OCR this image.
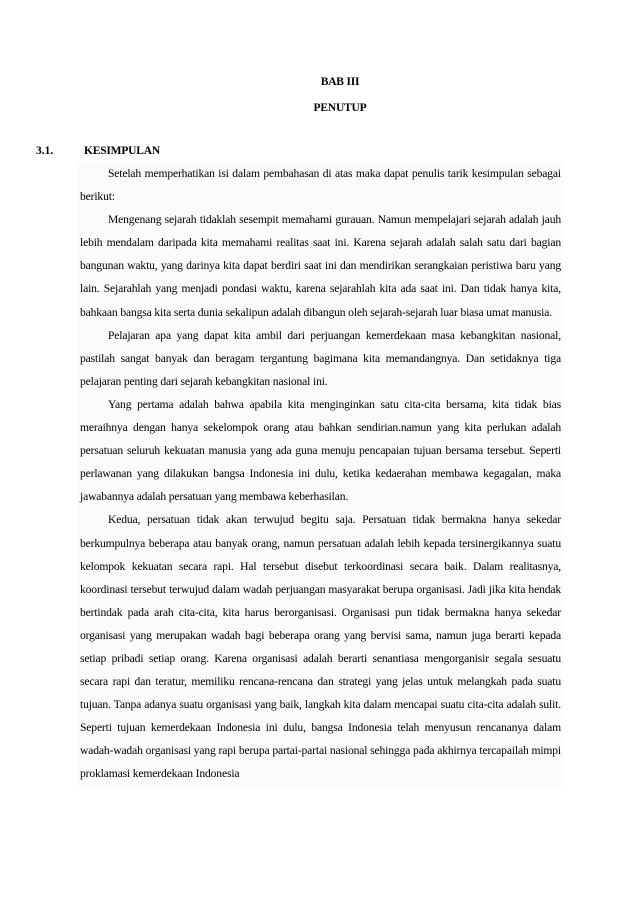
BAB III
PENUTUP
3.1.	KESIMPULAN

Setelah memperhatikan isi dalam pembahasan di atas maka dapat penulis tarik kesimpulan sebagai berikut:

Mengenang sejarah tidaklah sesempit memahami gurauan. Namun mempelajari sejarah adalah jauh lebih mendalam daripada kita memahami realitas saat ini. Karena sejarah adalah salah satu dari bagian bangunan waktu, yang darinya kita dapat berdiri saat ini dan mendirikan serangkaian peristiwa baru yang lain. Sejarahlah yang menjadi pondasi waktu, karena sejarahlah kita ada saat ini. Dan tidak hanya kita, bahkaan bangsa kita serta dunia sekalipun adalah dibangun oleh sejarah-sejarah luar biasa umat manusia.

Pelajaran apa yang dapat kita ambil dari perjuangan kemerdekaan masa kebangkitan nasional, pastilah sangat banyak dan beragam tergantung bagimana kita memandangnya. Dan setidaknya tiga pelajaran penting dari sejarah kebangkitan nasional ini.

Yang pertama adalah bahwa apabila kita menginginkan satu cita-cita bersama, kita tidak bias meraihnya dengan hanya sekelompok orang atau bahkan sendirian.namun yang kita perlukan adalah persatuan seluruh kekuatan manusia yang ada guna menuju pencapaian tujuan bersama tersebut. Seperti perlawanan yang dilakukan bangsa Indonesia ini dulu, ketika kedaerahan membawa kegagalan, maka jawabannya adalah persatuan yang membawa keberhasilan.

Kedua, persatuan tidak akan terwujud begitu saja. Persatuan tidak bermakna hanya sekedar berkumpulnya beberapa atau banyak orang, namun persatuan adalah lebih kepada tersinergikannya suatu kelompok kekuatan secara rapi. Hal tersebut disebut terkoordinasi secara baik. Dalam realitasnya, koordinasi tersebut terwujud dalam wadah perjuangan masyarakat berupa organisasi. Jadi jika kita hendak bertindak pada arah cita-cita, kita harus berorganisasi. Organisasi pun tidak bermakna hanya sekedar organisasi yang merupakan wadah bagi beberapa orang yang bervisi sama, namun juga berarti kepada setiap pribadi setiap orang. Karena organisasi adalah berarti senantiasa mengorganisir segala sesuatu secara rapi dan teratur, memiliku rencana-rencana dan strategi yang jelas untuk melangkah pada suatu tujuan. Tanpa adanya suatu organisasi yang baik, langkah kita dalam mencapai suatu cita-cita adalah sulit. Seperti tujuan kemerdekaan Indonesia ini dulu, bangsa Indonesia telah menyusun rencananya dalam wadah-wadah organisasi yang rapi berupa partai-partai nasional sehingga pada akhirnya tercapailah mimpi proklamasi kemerdekaan Indonesia
